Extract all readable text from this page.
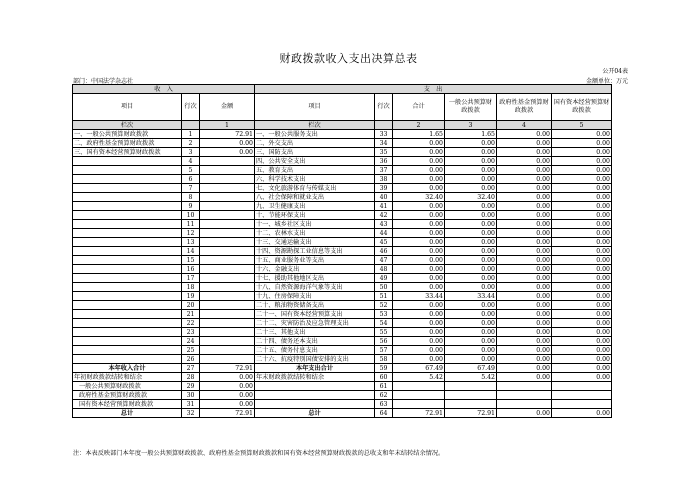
财政拨款收入支出决算总表
公开04表
部门：中国法学杂志社	金额单位：万元
收　入			支　出					
项目	行次	金额	项目	行次	合计	一般公共预算财政拨款	政府性基金预算财政拨款	国有资本经营预算财政拨款
栏次		1	栏次		2	3	4	5
一、一般公共预算财政拨款	1	72.91	一、一般公共服务支出	33	1.65	1.65	0.00	0.00
二、政府性基金预算财政拨款	2	0.00	二、外交支出	34	0.00	0.00	0.00	0.00
三、国有资本经营预算财政拨款	3	0.00	三、国防支出	35	0.00	0.00	0.00	0.00
	4		四、公共安全支出	36	0.00	0.00	0.00	0.00
	5		五、教育支出	37	0.00	0.00	0.00	0.00
	6		六、科学技术支出	38	0.00	0.00	0.00	0.00
	7		七、文化旅游体育与传媒支出	39	0.00	0.00	0.00	0.00
	8		八、社会保障和就业支出	40	32.40	32.40	0.00	0.00
	9		九、卫生健康支出	41	0.00	0.00	0.00	0.00
	10		十、节能环保支出	42	0.00	0.00	0.00	0.00
	11		十一、城乡社区支出	43	0.00	0.00	0.00	0.00
	12		十二、农林水支出	44	0.00	0.00	0.00	0.00
	13		十三、交通运输支出	45	0.00	0.00	0.00	0.00
	14		十四、资源勘探工业信息等支出	46	0.00	0.00	0.00	0.00
	15		十五、商业服务业等支出	47	0.00	0.00	0.00	0.00
	16		十六、金融支出	48	0.00	0.00	0.00	0.00
	17		十七、援助其他地区支出	49	0.00	0.00	0.00	0.00
	18		十八、自然资源海洋气象等支出	50	0.00	0.00	0.00	0.00
	19		十九、住房保障支出	51	33.44	33.44	0.00	0.00
	20		二十、粮油物资储备支出	52	0.00	0.00	0.00	0.00
	21		二十一、国有资本经营预算支出	53	0.00	0.00	0.00	0.00
	22		二十二、灾害防治及应急管理支出	54	0.00	0.00	0.00	0.00
	23		二十三、其他支出	55	0.00	0.00	0.00	0.00
	24		二十四、债务还本支出	56	0.00	0.00	0.00	0.00
	25		二十五、债务付息支出	57	0.00	0.00	0.00	0.00
	26		二十六、抗疫特别国债安排的支出	58	0.00	0.00	0.00	0.00
本年收入合计	27	72.91	本年支出合计	59	67.49	67.49	0.00	0.00
年初财政拨款结转和结余	28	0.00	年末财政拨款结转和结余	60	5.42	5.42	0.00	0.00
一般公共预算财政拨款	29	0.00		61				
政府性基金预算财政拨款	30	0.00		62				
国有资本经营预算财政拨款	31	0.00		63				
总计	32	72.91	总计	64	72.91	72.91	0.00	0.00
注：本表反映部门本年度一般公共预算财政拨款、政府性基金预算财政拨款和国有资本经营预算财政拨款的总收支和年末结转结余情况。
